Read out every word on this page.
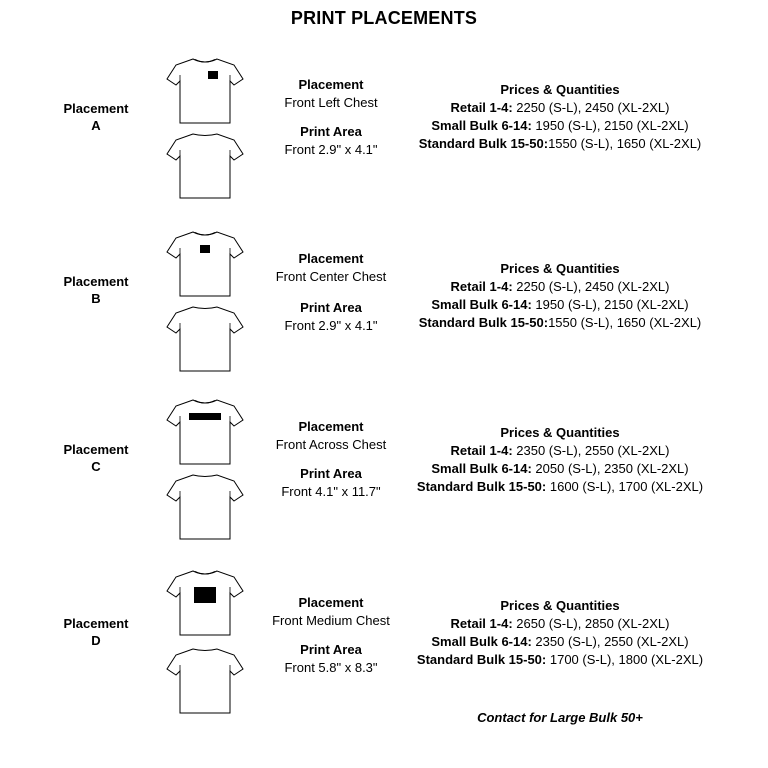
PRINT PLACEMENTS
Placement
A
Placement
Front Left Chest
Print Area
Front 2.9" x 4.1"
Prices & Quantities
Retail 1-4: 2250 (S-L), 2450 (XL-2XL)
Small Bulk 6-14: 1950 (S-L), 2150 (XL-2XL)
Standard Bulk 15-50:1550 (S-L), 1650 (XL-2XL)
Placement
B
Placement
Front Center Chest
Print Area
Front 2.9" x 4.1"
Prices & Quantities
Retail 1-4: 2250 (S-L), 2450 (XL-2XL)
Small Bulk 6-14: 1950 (S-L), 2150 (XL-2XL)
Standard Bulk 15-50:1550 (S-L), 1650 (XL-2XL)
Placement
C
Placement
Front Across Chest
Print Area
Front 4.1" x 11.7"
Prices & Quantities
Retail 1-4: 2350 (S-L), 2550 (XL-2XL)
Small Bulk 6-14: 2050 (S-L), 2350 (XL-2XL)
Standard Bulk 15-50: 1600 (S-L), 1700 (XL-2XL)
Placement
D
Placement
Front Medium Chest
Print Area
Front 5.8" x 8.3"
Prices & Quantities
Retail 1-4: 2650 (S-L), 2850 (XL-2XL)
Small Bulk 6-14: 2350 (S-L), 2550 (XL-2XL)
Standard Bulk 15-50: 1700 (S-L), 1800 (XL-2XL)
Contact for Large Bulk 50+
